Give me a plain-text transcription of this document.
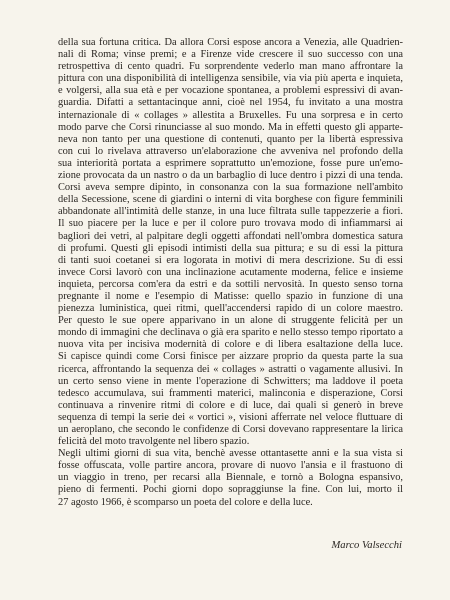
della sua fortuna critica. Da allora Corsi espose ancora a Venezia, alle Quadrien-
nali di Roma; vinse premi; e a Firenze vide crescere il suo successo con una
retrospettiva di cento quadri. Fu sorprendente vederlo man mano affrontare la
pittura con una disponibilità di intelligenza sensibile, via via più aperta e inquieta,
e volgersi, alla sua età e per vocazione spontanea, a problemi espressivi di avan-
guardia. Difatti a settantacinque anni, cioè nel 1954, fu invitato a una mostra
internazionale di « collages » allestita a Bruxelles. Fu una sorpresa e in certo
modo parve che Corsi rinunciasse al suo mondo. Ma in effetti questo gli apparte-
neva non tanto per una questione di contenuti, quanto per la libertà espressiva
con cui lo rivelava attraverso un'elaborazione che avveniva nel profondo della
sua interiorità portata a esprimere soprattutto un'emozione, fosse pure un'emo-
zione provocata da un nastro o da un barbaglio di luce dentro i pizzi di una tenda.
Corsi aveva sempre dipinto, in consonanza con la sua formazione nell'ambito
della Secessione, scene di giardini o interni di vita borghese con figure femminili
abbandonate all'intimità delle stanze, in una luce filtrata sulle tappezzerie a fiori.
Il suo piacere per la luce e per il colore puro trovava modo di infiammarsi ai
bagliori dei vetri, al palpitare degli oggetti affondati nell'ombra domestica satura
di profumi. Questi gli episodi intimisti della sua pittura; e su di essi la pittura
di tanti suoi coetanei si era logorata in motivi di mera descrizione. Su di essi
invece Corsi lavorò con una inclinazione acutamente moderna, felice e insieme
inquieta, percorsa com'era da estri e da sottili nervosità. In questo senso torna
pregnante il nome e l'esempio di Matisse: quello spazio in funzione di una
pienezza luministica, quei ritmi, quell'accendersi rapido di un colore maestro.
Per questo le sue opere apparivano in un alone di struggente felicità per un
mondo di immagini che declinava o già era sparito e nello stesso tempo riportato a
nuova vita per incisiva modernità di colore e di libera esaltazione della luce.
Si capisce quindi come Corsi finisce per aizzare proprio da questa parte la sua
ricerca, affrontando la sequenza dei « collages » astratti o vagamente allusivi. In
un certo senso viene in mente l'operazione di Schwitters; ma laddove il poeta
tedesco accumulava, sui frammenti materici, malinconia e disperazione, Corsi
continuava a rinvenire ritmi di colore e di luce, dai quali si generò in breve
sequenza di tempi la serie dei « vortici », visioni afferrate nel veloce fluttuare di
un aeroplano, che secondo le confidenze di Corsi dovevano rappresentare la lirica
felicità del moto travolgente nel libero spazio.
Negli ultimi giorni di sua vita, benchè avesse ottantasette anni e la sua vista si
fosse offuscata, volle partire ancora, provare di nuovo l'ansia e il frastuono di
un viaggio in treno, per recarsi alla Biennale, e tornò a Bologna espansivo,
pieno di fermenti. Pochi giorni dopo sopraggiunse la fine. Con lui, morto il
27 agosto 1966, è scomparso un poeta del colore e della luce.
Marco Valsecchi
